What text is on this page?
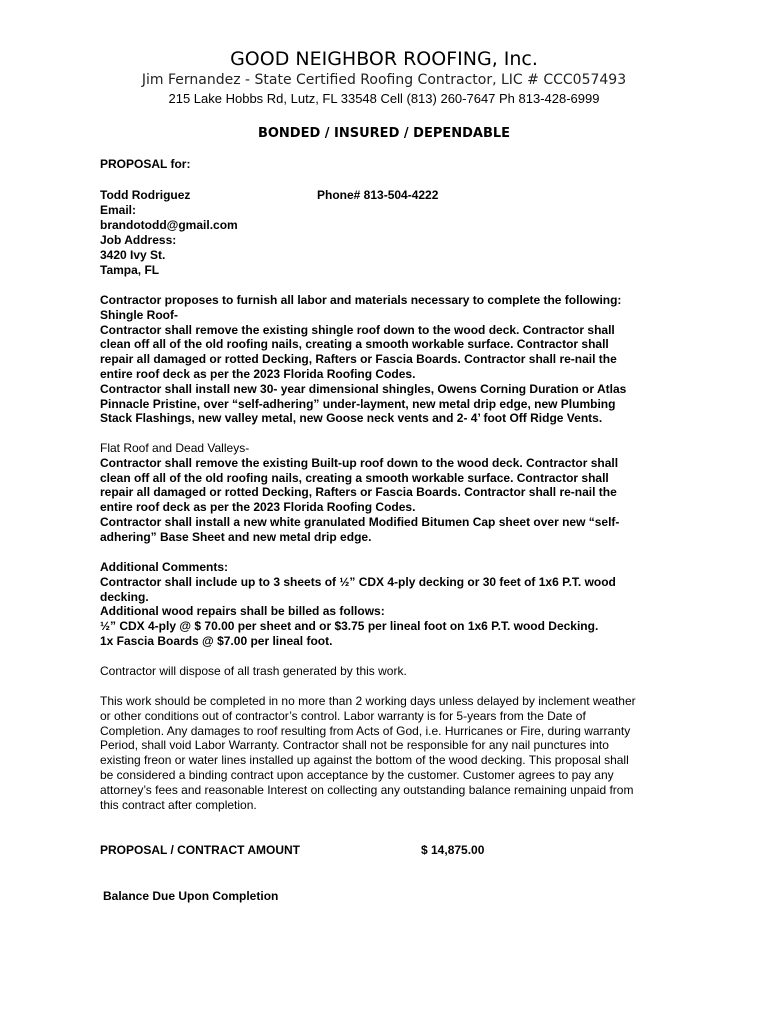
GOOD NEIGHBOR ROOFING, Inc.
Jim Fernandez - State Certified Roofing Contractor, LIC # CCC057493
215 Lake Hobbs Rd, Lutz, FL 33548 Cell (813) 260-7647 Ph 813-428-6999
BONDED / INSURED / DEPENDABLE
PROPOSAL for:
Todd Rodriguez	Phone# 813-504-4222
Email:
brandotodd@gmail.com
Job Address:
3420 Ivy St.
Tampa, FL
Contractor proposes to furnish all labor and materials necessary to complete the following:
Shingle Roof-
Contractor shall remove the existing shingle roof down to the wood deck. Contractor shall
clean off all of the old roofing nails, creating a smooth workable surface. Contractor shall
repair all damaged or rotted Decking, Rafters or Fascia Boards. Contractor shall re-nail the
entire roof deck as per the 2023 Florida Roofing Codes.
Contractor shall install new 30- year dimensional shingles, Owens Corning Duration or Atlas
Pinnacle Pristine, over “self-adhering” under-layment, new metal drip edge, new Plumbing
Stack Flashings, new valley metal, new Goose neck vents and 2- 4’ foot Off Ridge Vents.
Flat Roof and Dead Valleys-
Contractor shall remove the existing Built-up roof down to the wood deck. Contractor shall
clean off all of the old roofing nails, creating a smooth workable surface. Contractor shall
repair all damaged or rotted Decking, Rafters or Fascia Boards. Contractor shall re-nail the
entire roof deck as per the 2023 Florida Roofing Codes.
Contractor shall install a new white granulated Modified Bitumen Cap sheet over new “self-
adhering” Base Sheet and new metal drip edge.
Additional Comments:
Contractor shall include up to 3 sheets of ½” CDX 4-ply decking or 30 feet of 1x6 P.T. wood
decking.
Additional wood repairs shall be billed as follows:
½” CDX 4-ply @ $ 70.00 per sheet and or $3.75 per lineal foot on 1x6 P.T. wood Decking.
1x Fascia Boards @ $7.00 per lineal foot.
Contractor will dispose of all trash generated by this work.
This work should be completed in no more than 2 working days unless delayed by inclement weather
or other conditions out of contractor’s control. Labor warranty is for 5-years from the Date of
Completion. Any damages to roof resulting from Acts of God, i.e. Hurricanes or Fire, during warranty
Period, shall void Labor Warranty. Contractor shall not be responsible for any nail punctures into
existing freon or water lines installed up against the bottom of the wood decking. This proposal shall
be considered a binding contract upon acceptance by the customer. Customer agrees to pay any
attorney’s fees and reasonable Interest on collecting any outstanding balance remaining unpaid from
this contract after completion.
PROPOSAL / CONTRACT AMOUNT	$ 14,875.00
Balance Due Upon Completion
